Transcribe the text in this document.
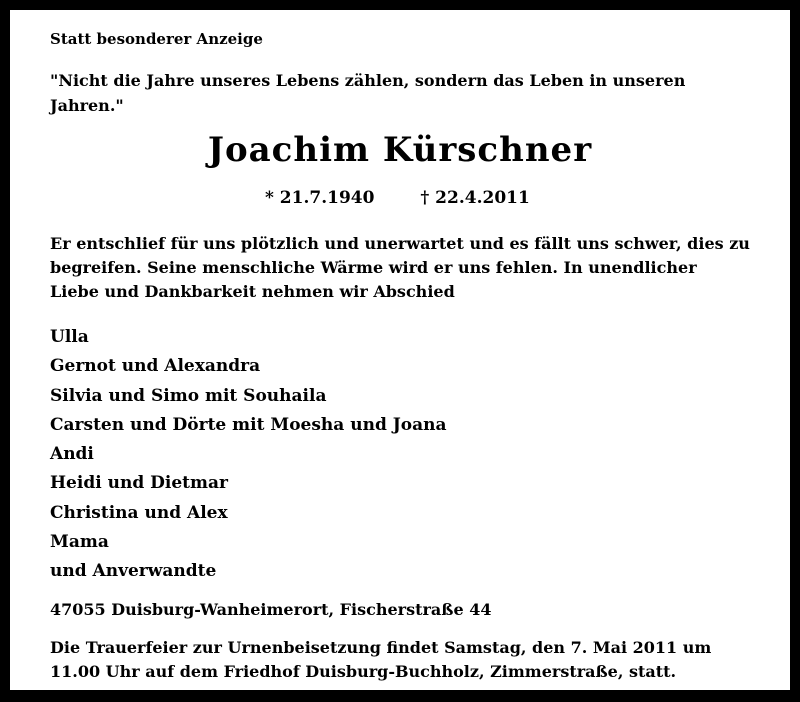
Statt besonderer Anzeige
"Nicht die Jahre unseres Lebens zählen, sondern das Leben in unseren Jahren."
Joachim Kürschner
* 21.7.1940	† 22.4.2011
Er entschlief für uns plötzlich und unerwartet und es fällt uns schwer, dies zu begreifen. Seine menschliche Wärme wird er uns fehlen. In unendlicher Liebe und Dankbarkeit nehmen wir Abschied
Ulla
Gernot und Alexandra
Silvia und Simo mit Souhaila
Carsten und Dörte mit Moesha und Joana
Andi
Heidi und Dietmar
Christina und Alex
Mama
und Anverwandte
47055 Duisburg-Wanheimerort, Fischerstraße 44
Die Trauerfeier zur Urnenbeisetzung findet Samstag, den 7. Mai 2011 um 11.00 Uhr auf dem Friedhof Duisburg-Buchholz, Zimmerstraße, statt.
